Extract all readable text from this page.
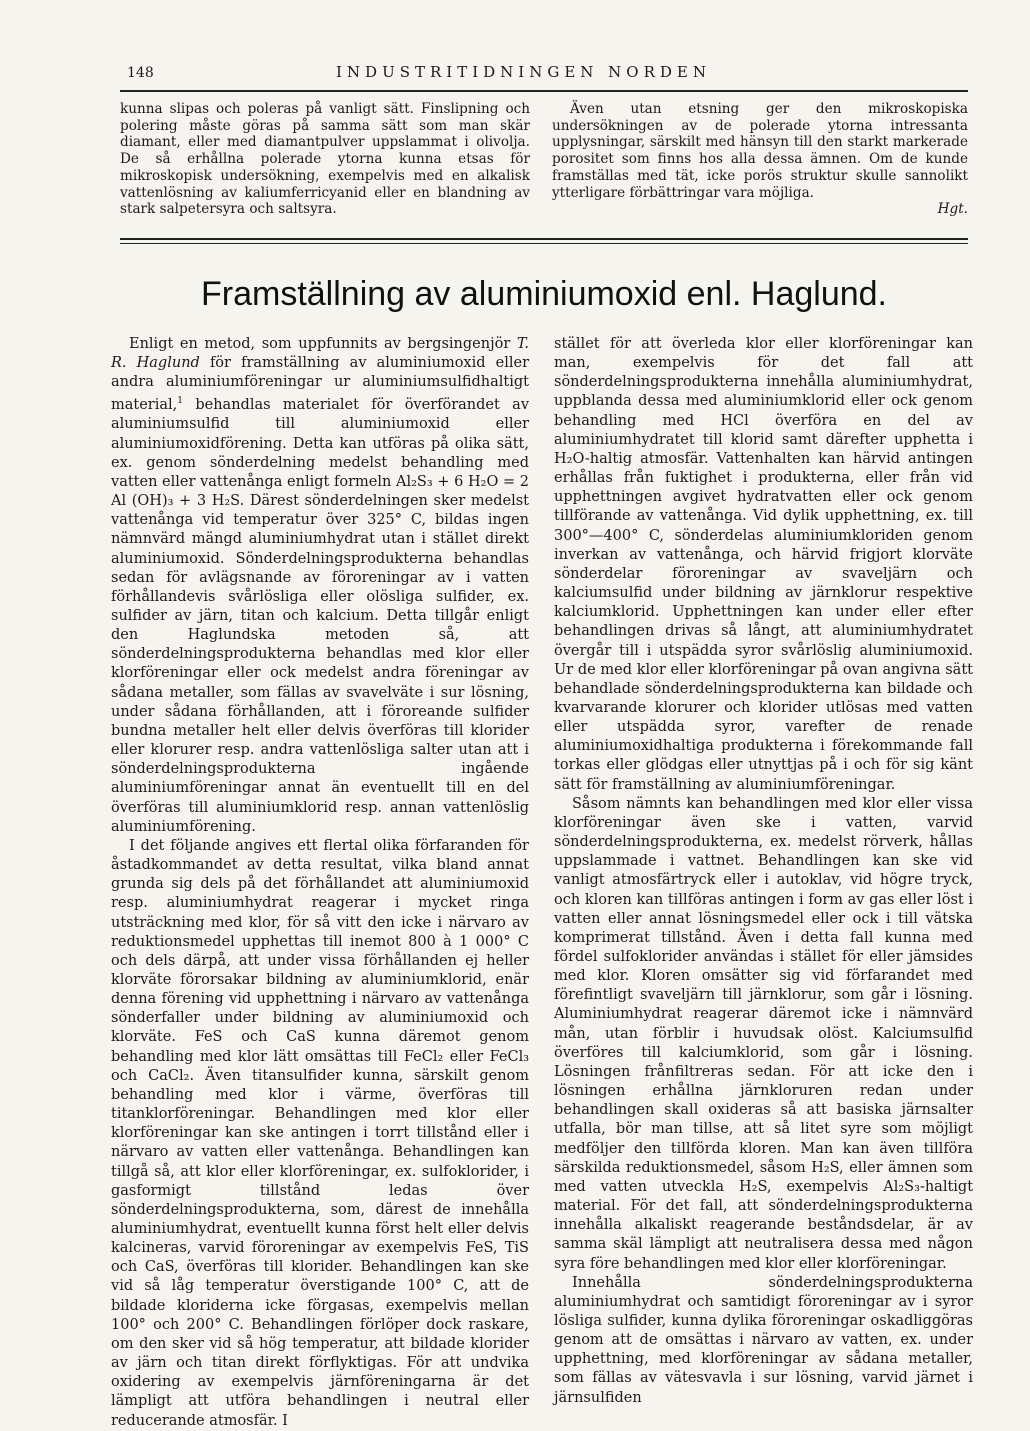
148	INDUSTRITIDNINGEN NORDEN

kunna slipas och poleras på vanligt sätt. Finslipning och polering måste göras på samma sätt som man skär diamant, eller med diamantpulver uppslammat i olivolja. De så erhållna polerade ytorna kunna etsas för mikroskopisk undersökning, exempelvis med en alkalisk vattenlösning av kaliumferricyanid eller en blandning av stark salpetersyra och saltsyra.

Även utan etsning ger den mikroskopiska undersökningen av de polerade ytorna intressanta upplysningar, särskilt med hänsyn till den starkt markerade porositet som finns hos alla dessa ämnen. Om de kunde framställas med tät, icke porös struktur skulle sannolikt ytterligare förbättringar vara möjliga.

Hgt.

Framställning av aluminiumoxid enl. Haglund.

Enligt en metod, som uppfunnits av bergsingenjör T. R. Haglund för framställning av aluminiumoxid eller andra aluminiumföreningar ur aluminiumsulfidhaltigt material,$^1$ behandlas materialet för överförandet av aluminiumsulfid till aluminiumoxid eller aluminiumoxidförening. Detta kan utföras på olika sätt, ex. genom sönderdelning medelst behandling med vatten eller vattenånga enligt formeln Al₂S₃ + 6 H₂O = 2 Al (OH)₃ + 3 H₂S. Därest sönderdelningen sker medelst vattenånga vid temperatur över 325° C, bildas ingen nämnvärd mängd aluminiumhydrat utan i stället direkt aluminiumoxid. Sönderdelningsprodukterna behandlas sedan för avlägsnande av föroreningar av i vatten förhållandevis svårlösliga eller olösliga sulfider, ex. sulfider av järn, titan och kalcium. Detta tillgår enligt den Haglundska metoden så, att sönderdelningsprodukterna behandlas med klor eller klorföreningar eller ock medelst andra föreningar av sådana metaller, som fällas av svavelväte i sur lösning, under sådana förhållanden, att i föroreande sulfider bundna metaller helt eller delvis överföras till klorider eller klorurer resp. andra vattenlösliga salter utan att i sönderdelningsprodukterna ingående aluminiumföreningar annat än eventuellt till en del överföras till aluminiumklorid resp. annan vattenlöslig aluminiumförening.

I det följande angives ett flertal olika förfaranden för åstadkommandet av detta resultat, vilka bland annat grunda sig dels på det förhållandet att aluminiumoxid resp. aluminiumhydrat reagerar i mycket ringa utsträckning med klor, för så vitt den icke i närvaro av reduktionsmedel upphettas till inemot 800 à 1 000° C och dels därpå, att under vissa förhållanden ej heller klorväte förorsakar bildning av aluminiumklorid, enär denna förening vid upphettning i närvaro av vattenånga sönderfaller under bildning av aluminiumoxid och klorväte. FeS och CaS kunna däremot genom behandling med klor lätt omsättas till FeCl₂ eller FeCl₃ och CaCl₂. Även titansulfider kunna, särskilt genom behandling med klor i värme, överföras till titanklorföreningar. Behandlingen med klor eller klorföreningar kan ske antingen i torrt tillstånd eller i närvaro av vatten eller vattenånga. Behandlingen kan tillgå så, att klor eller klorföreningar, ex. sulfoklorider, i gasformigt tillstånd ledas över sönderdelningsprodukterna, som, därest de innehålla aluminiumhydrat, eventuellt kunna först helt eller delvis kalcineras, varvid föroreningar av exempelvis FeS, TiS och CaS, överföras till klorider. Behandlingen kan ske vid så låg temperatur överstigande 100° C, att de bildade kloriderna icke förgasas, exempelvis mellan 100° och 200° C. Behandlingen förlöper dock raskare, om den sker vid så hög temperatur, att bildade klorider av järn och titan direkt förflyktigas. För att undvika oxidering av exempelvis järnföreningarna är det lämpligt att utföra behandlingen i neutral eller reducerande atmosfär. I

stället för att överleda klor eller klorföreningar kan man, exempelvis för det fall att sönderdelningsprodukterna innehålla aluminiumhydrat, uppblanda dessa med aluminiumklorid eller ock genom behandling med HCl överföra en del av aluminiumhydratet till klorid samt därefter upphetta i H₂O-haltig atmosfär. Vattenhalten kan härvid antingen erhållas från fuktighet i produkterna, eller från vid upphettningen avgivet hydratvatten eller ock genom tillförande av vattenånga. Vid dylik upphettning, ex. till 300°—400° C, sönderdelas aluminiumkloriden genom inverkan av vattenånga, och härvid frigjort klorväte sönderdelar föroreningar av svaveljärn och kalciumsulfid under bildning av järnklorur respektive kalciumklorid. Upphettningen kan under eller efter behandlingen drivas så långt, att aluminiumhydratet övergår till i utspädda syror svårlöslig aluminiumoxid. Ur de med klor eller klorföreningar på ovan angivna sätt behandlade sönderdelningsprodukterna kan bildade och kvarvarande klorurer och klorider utlösas med vatten eller utspädda syror, varefter de renade aluminiumoxidhaltiga produkterna i förekommande fall torkas eller glödgas eller utnyttjas på i och för sig känt sätt för framställning av aluminiumföreningar.

Såsom nämnts kan behandlingen med klor eller vissa klorföreningar även ske i vatten, varvid sönderdelningsprodukterna, ex. medelst rörverk, hållas uppslammade i vattnet. Behandlingen kan ske vid vanligt atmosfärtryck eller i autoklav, vid högre tryck, och kloren kan tillföras antingen i form av gas eller löst i vatten eller annat lösningsmedel eller ock i till vätska komprimerat tillstånd. Även i detta fall kunna med fördel sulfoklorider användas i stället för eller jämsides med klor. Kloren omsätter sig vid förfarandet med förefintligt svaveljärn till järnklorur, som går i lösning. Aluminiumhydrat reagerar däremot icke i nämnvärd mån, utan förblir i huvudsak olöst. Kalciumsulfid överföres till kalciumklorid, som går i lösning. Lösningen frånfiltreras sedan. För att icke den i lösningen erhållna järnkloruren redan under behandlingen skall oxideras så att basiska järnsalter utfalla, bör man tillse, att så litet syre som möjligt medföljer den tillförda kloren. Man kan även tillföra särskilda reduktionsmedel, såsom H₂S, eller ämnen som med vatten utveckla H₂S, exempelvis Al₂S₃-haltigt material. För det fall, att sönderdelningsprodukterna innehålla alkaliskt reagerande beståndsdelar, är av samma skäl lämpligt att neutralisera dessa med någon syra före behandlingen med klor eller klorföreningar.

Innehålla sönderdelningsprodukterna aluminiumhydrat och samtidigt föroreningar av i syror lösliga sulfider, kunna dylika föroreningar oskadliggöras genom att de omsättas i närvaro av vatten, ex. under upphettning, med klorföreningar av sådana metaller, som fällas av vätesvavla i sur lösning, varvid järnet i järnsulfiden
